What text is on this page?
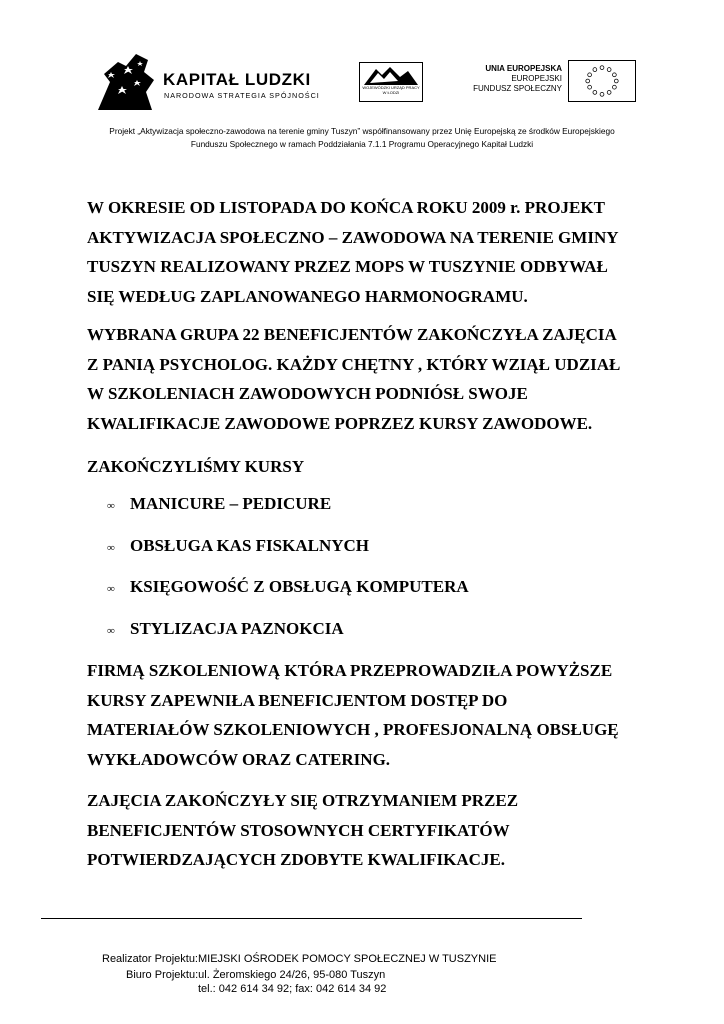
KAPITAŁ LUDZKI
NARODOWA STRATEGIA SPÓJNOŚCI
WOJEWÓDZKI URZĄD PRACY W ŁODZI
UNIA EUROPEJSKA
EUROPEJSKI
FUNDUSZ SPOŁECZNY
Projekt „Aktywizacja społeczno-zawodowa na terenie gminy Tuszyn” współfinansowany przez Unię Europejską ze środków Europejskiego
Funduszu Społecznego w ramach Poddziałania 7.1.1 Programu Operacyjnego Kapitał Ludzki
W OKRESIE OD LISTOPADA DO KOŃCA ROKU 2009 r. PROJEKT
AKTYWIZACJA SPOŁECZNO – ZAWODOWA NA TERENIE GMINY
TUSZYN REALIZOWANY PRZEZ MOPS W TUSZYNIE ODBYWAŁ
SIĘ WEDŁUG ZAPLANOWANEGO HARMONOGRAMU.
WYBRANA GRUPA 22 BENEFICJENTÓW ZAKOŃCZYŁA ZAJĘCIA
Z PANIĄ PSYCHOLOG. KAŻDY CHĘTNY , KTÓRY WZIĄŁ UDZIAŁ
W SZKOLENIACH ZAWODOWYCH PODNIÓSŁ SWOJE
KWALIFIKACJE ZAWODOWE POPRZEZ KURSY ZAWODOWE.
ZAKOŃCZYLIŚMY KURSY
∞ MANICURE – PEDICURE
∞ OBSŁUGA KAS FISKALNYCH
∞ KSIĘGOWOŚĆ Z OBSŁUGĄ KOMPUTERA
∞ STYLIZACJA PAZNOKCIA
FIRMĄ SZKOLENIOWĄ KTÓRA PRZEPROWADZIŁA POWYŻSZE
KURSY ZAPEWNIŁA BENEFICJENTOM DOSTĘP DO
MATERIAŁÓW SZKOLENIOWYCH , PROFESJONALNĄ OBSŁUGĘ
WYKŁADOWCÓW ORAZ CATERING.
ZAJĘCIA ZAKOŃCZYŁY SIĘ OTRZYMANIEM PRZEZ
BENEFICJENTÓW STOSOWNYCH CERTYFIKATÓW
POTWIERDZAJĄCYCH ZDOBYTE KWALIFIKACJE.
Realizator Projektu:MIEJSKI OŚRODEK POMOCY SPOŁECZNEJ W TUSZYNIE
Biuro Projektu:ul. Żeromskiego 24/26, 95-080 Tuszyn
tel.: 042 614 34 92; fax: 042 614 34 92
